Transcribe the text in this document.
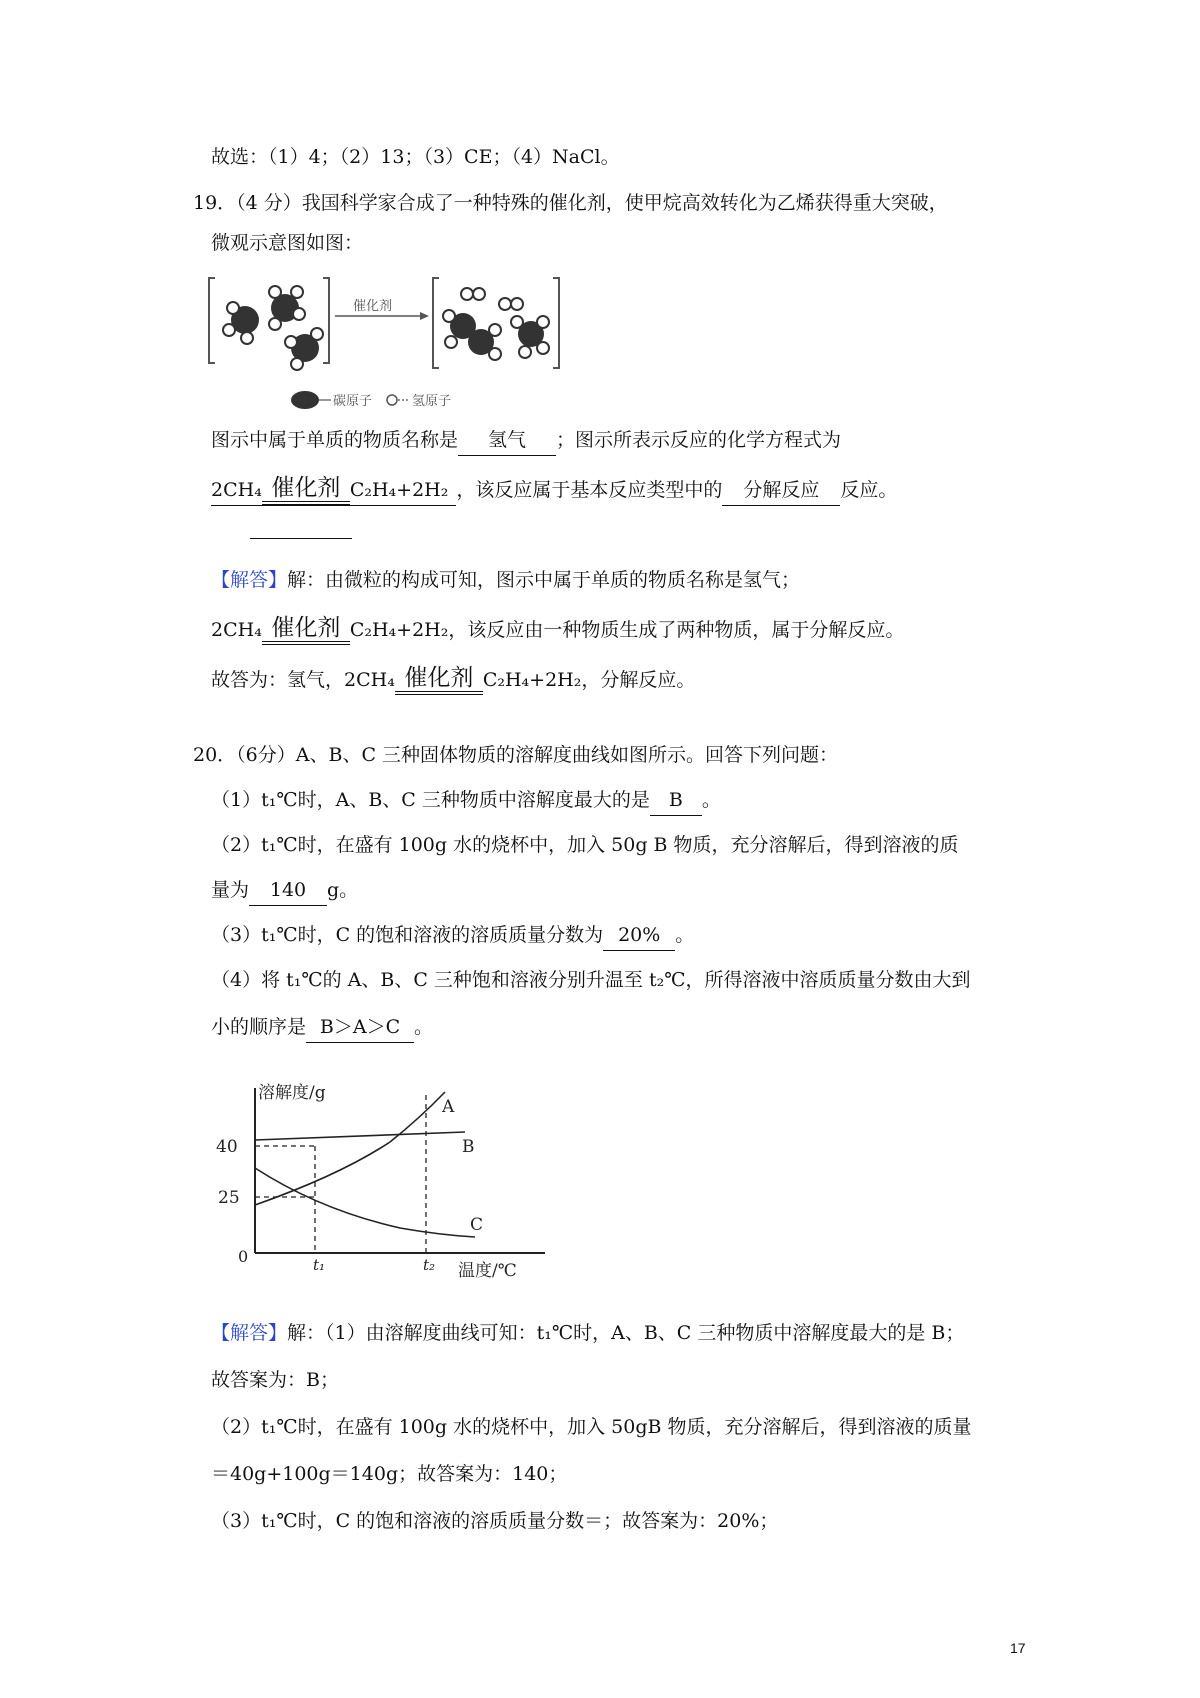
故选：（1）4；（2）13；（3）CE；（4）NaCl。
19．（4 分）我国科学家合成了一种特殊的催化剂，使甲烷高效转化为乙烯获得重大突破，
微观示意图如图：
催化剂
碳原子	氢原子
图示中属于单质的物质名称是 氢气 ；图示所表示反应的化学方程式为
2CH₄ 催化剂 C₂H₄+2H₂ ，该反应属于基本反应类型中的 分解反应 反应。
【解答】解：由微粒的构成可知，图示中属于单质的物质名称是氢气；
2CH₄ 催化剂 C₂H₄+2H₂，该反应由一种物质生成了两种物质，属于分解反应。
故答为：氢气，2CH₄ 催化剂 C₂H₄+2H₂，分解反应。
20．（6分）A、B、C 三种固体物质的溶解度曲线如图所示。回答下列问题：
（1）t₁℃时，A、B、C 三种物质中溶解度最大的是 B 。
（2）t₁℃时，在盛有 100g 水的烧杯中，加入 50g B 物质，充分溶解后，得到溶液的质
量为 140 g。
（3）t₁℃时，C 的饱和溶液的溶质质量分数为 20% 。
（4）将 t₁℃的 A、B、C 三种饱和溶液分别升温至 t₂℃，所得溶液中溶质质量分数由大到
小的顺序是 B＞A＞C 。
溶解度/g
温度/℃
0
40
25
t₁	t₂
A
B
C
【解答】解：（1）由溶解度曲线可知：t₁℃时，A、B、C 三种物质中溶解度最大的是 B；
故答案为：B；
（2）t₁℃时，在盛有 100g 水的烧杯中，加入 50gB 物质，充分溶解后，得到溶液的质量
＝40g+100g＝140g；故答案为：140；
（3）t₁℃时，C 的饱和溶液的溶质质量分数＝；故答案为：20%；
17
